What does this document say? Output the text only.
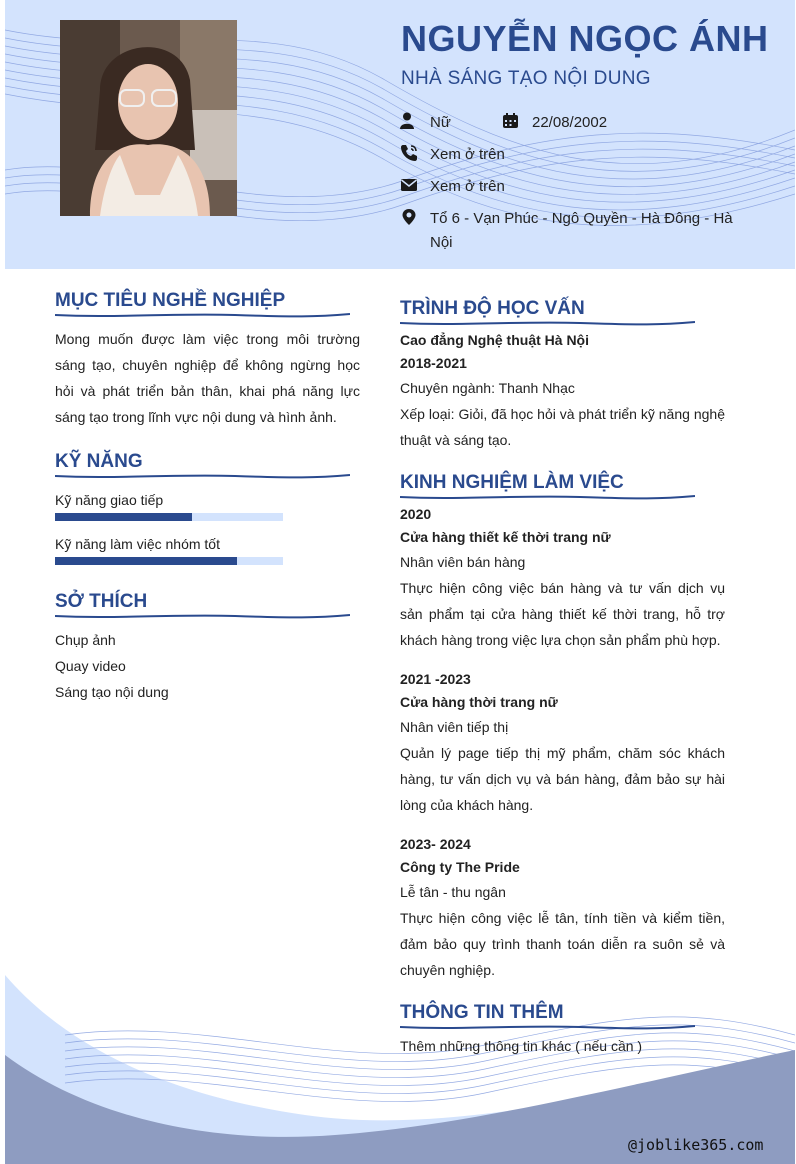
NGUYỄN NGỌC ÁNH
NHÀ SÁNG TẠO NỘI DUNG
Nữ	22/08/2002
Xem ở trên
Xem ở trên
Tổ 6 - Vạn Phúc - Ngô Quyền - Hà Đông - Hà Nội
MỤC TIÊU NGHỀ NGHIỆP
Mong muốn được làm việc trong môi trường sáng tạo, chuyên nghiệp để không ngừng học hỏi và phát triển bản thân, khai phá năng lực sáng tạo trong lĩnh vực nội dung và hình ảnh.
KỸ NĂNG
Kỹ năng giao tiếp
Kỹ năng làm việc nhóm tốt
SỞ THÍCH
Chụp ảnh
Quay video
Sáng tạo nội dung
TRÌNH ĐỘ HỌC VẤN
Cao đẳng Nghệ thuật Hà Nội
2018-2021
Chuyên ngành: Thanh Nhạc
Xếp loại: Giỏi, đã học hỏi và phát triển kỹ năng nghệ thuật và sáng tạo.
KINH NGHIỆM LÀM VIỆC
2020
Cửa hàng thiết kế thời trang nữ
Nhân viên bán hàng
Thực hiện công việc bán hàng và tư vấn dịch vụ sản phẩm tại cửa hàng thiết kế thời trang, hỗ trợ khách hàng trong việc lựa chọn sản phẩm phù hợp.
2021 -2023
Cửa hàng thời trang nữ
Nhân viên tiếp thị
Quản lý page tiếp thị mỹ phẩm, chăm sóc khách hàng, tư vấn dịch vụ và bán hàng, đảm bảo sự hài lòng của khách hàng.
2023- 2024
Công ty The Pride
Lễ tân - thu ngân
Thực hiện công việc lễ tân, tính tiền và kiểm tiền, đảm bảo quy trình thanh toán diễn ra suôn sẻ và chuyên nghiệp.
THÔNG TIN THÊM
Thêm những thông tin khác ( nếu cần )
@joblike365.com
